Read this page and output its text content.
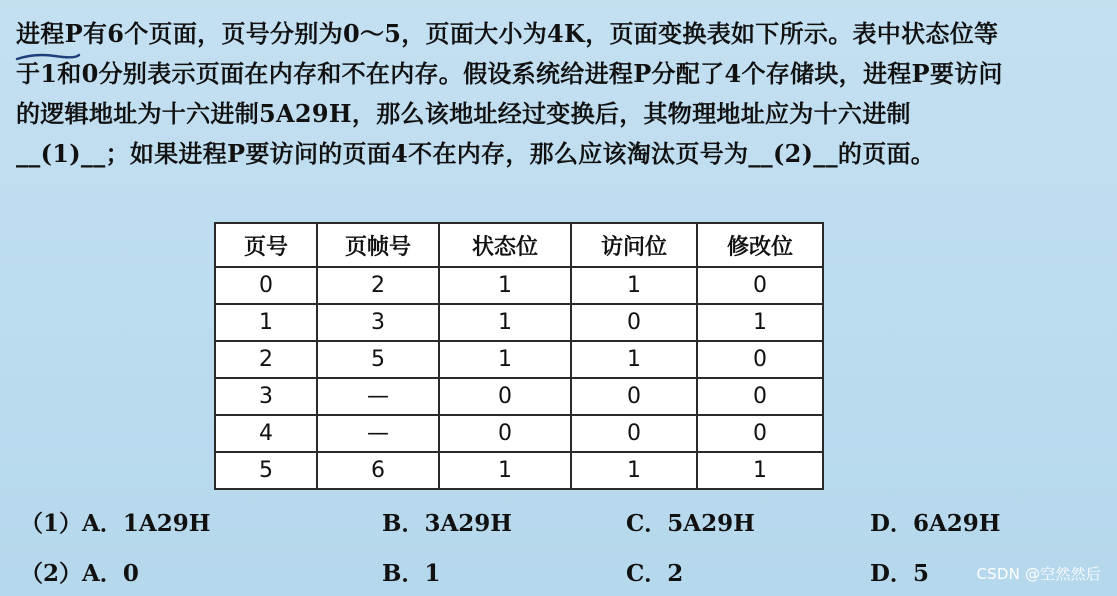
进程P有6个页面，页号分别为0～5，页面大小为4K，页面变换表如下所示。表中状态位等
于1和0分别表示页面在内存和不在内存。假设系统给进程P分配了4个存储块，进程P要访问
的逻辑地址为十六进制5A29H，那么该地址经过变换后，其物理地址应为十六进制
__(1)__；如果进程P要访问的页面4不在内存，那么应该淘汰页号为__(2)__的页面。
页号	页帧号	状态位	访问位	修改位
0	2	1	1	0
1	3	1	0	1
2	5	1	1	0
3	—	0	0	0
4	—	0	0	0
5	6	1	1	1
（1）A．1A29H	B．3A29H	C．5A29H	D．6A29H
（2）A．0	B．1	C．2	D．5	CSDN @空然然后
